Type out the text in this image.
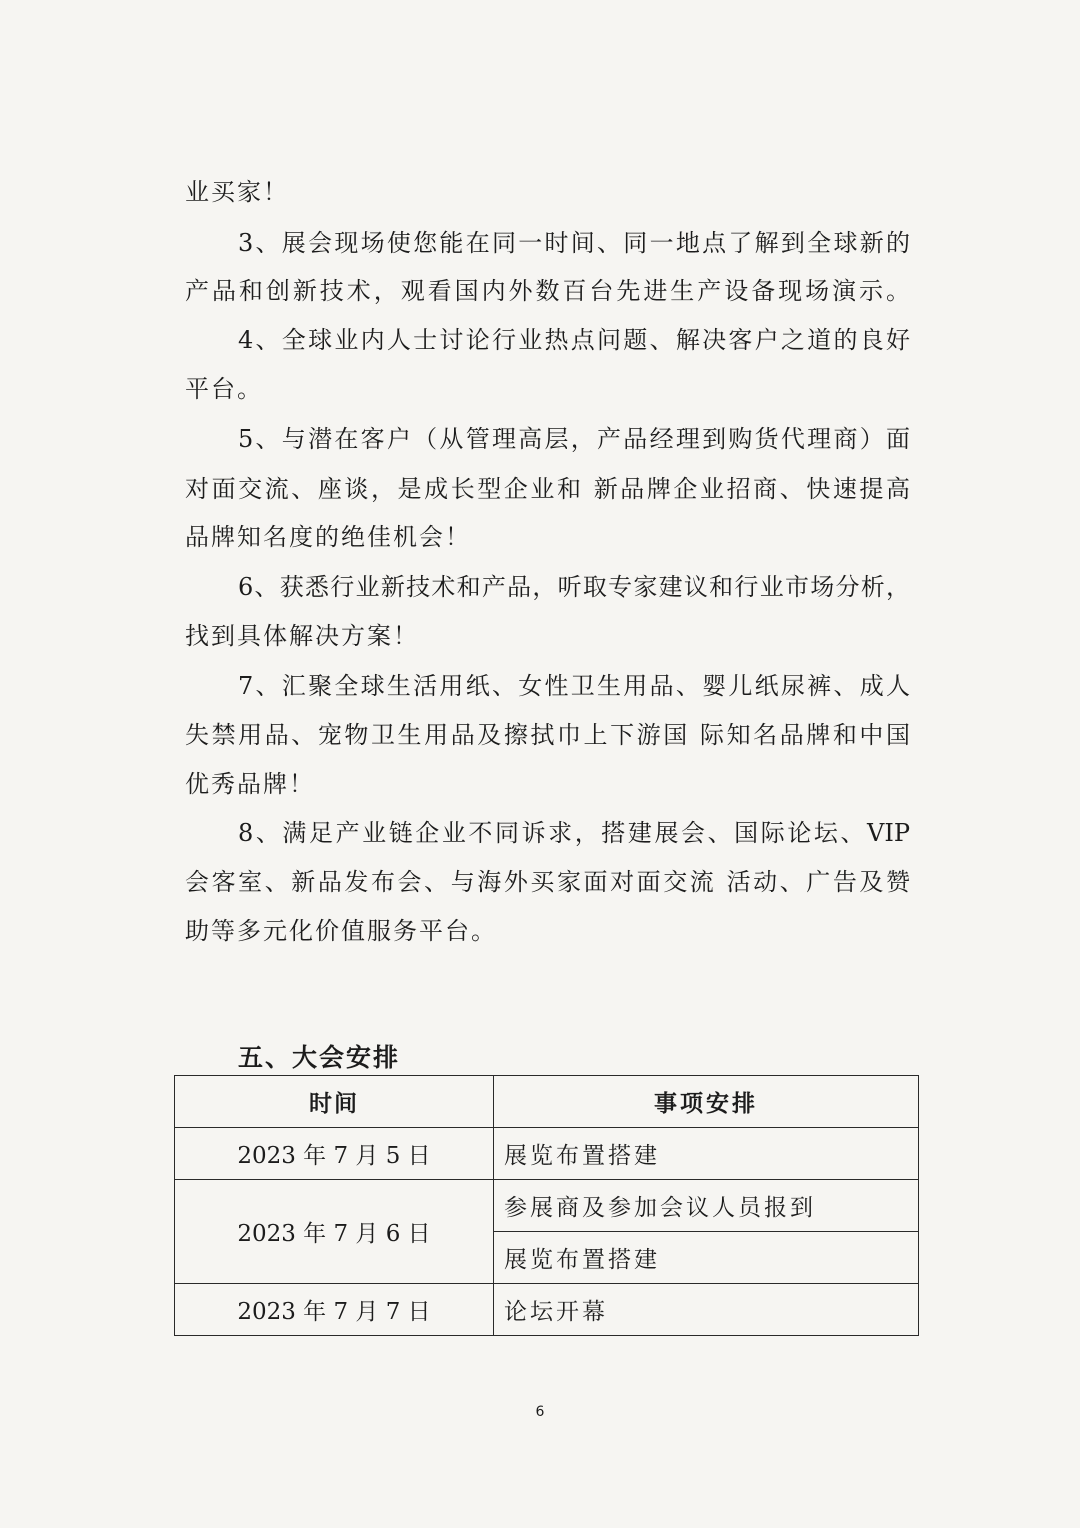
业买家！
3、展会现场使您能在同一时间、同一地点了解到全球新的
产品和创新技术，观看国内外数百台先进生产设备现场演示。
4、全球业内人士讨论行业热点问题、解决客户之道的良好
平台。
5、与潜在客户（从管理高层，产品经理到购货代理商）面
对面交流、座谈，是成长型企业和 新品牌企业招商、快速提高
品牌知名度的绝佳机会！
6、获悉行业新技术和产品，听取专家建议和行业市场分析，
找到具体解决方案！
7、汇聚全球生活用纸、女性卫生用品、婴儿纸尿裤、成人
失禁用品、宠物卫生用品及擦拭巾上下游国 际知名品牌和中国
优秀品牌！
8、满足产业链企业不同诉求，搭建展会、国际论坛、VIP
会客室、新品发布会、与海外买家面对面交流 活动、广告及赞
助等多元化价值服务平台。
五、大会安排
时间	事项安排
2023 年 7 月 5 日	展览布置搭建
2023 年 7 月 6 日	参展商及参加会议人员报到
	展览布置搭建
2023 年 7 月 7 日	论坛开幕
6
